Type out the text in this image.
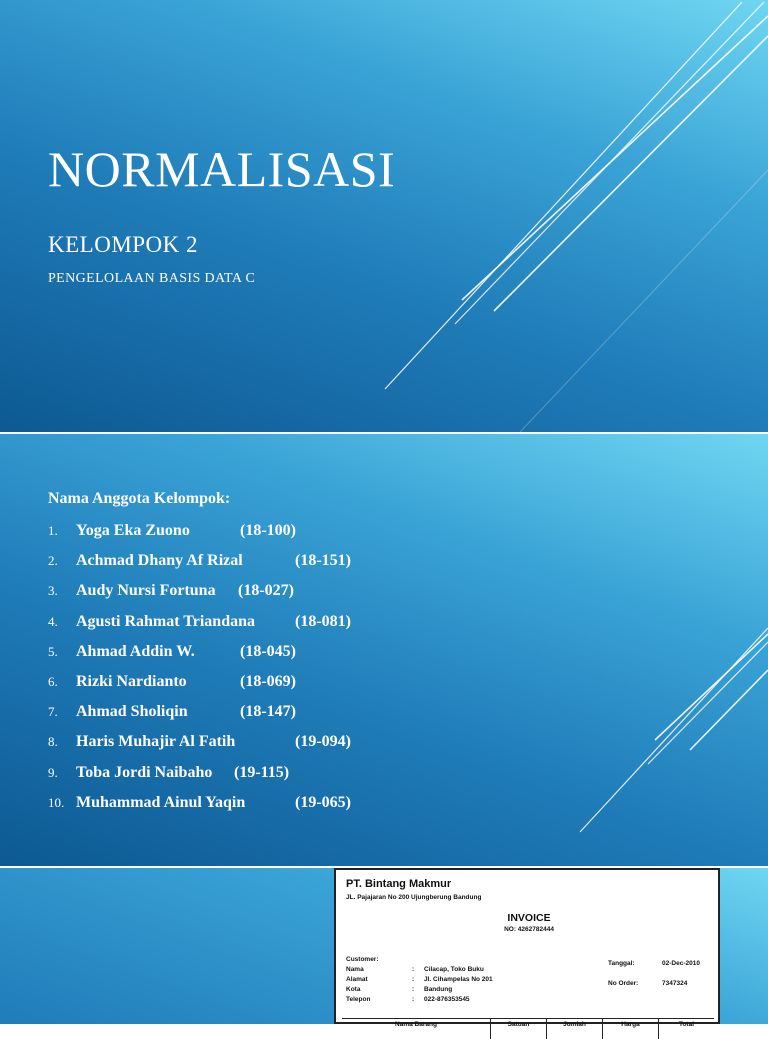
NORMALISASI

KELOMPOK 2

PENGELOLAAN BASIS DATA C

Nama Anggota Kelompok:

1.	Yoga Eka Zuono	(18-100)
2.	Achmad Dhany Af Rizal	(18-151)
3.	Audy Nursi Fortuna (18-027)
4.	Agusti Rahmat Triandana	(18-081)
5.	Ahmad Addin W.	(18-045)
6.	Rizki Nardianto	(18-069)
7.	Ahmad Sholiqin	(18-147)
8.	Haris Muhajir Al Fatih	(19-094)
9.	Toba Jordi Naibaho (19-115)
10. Muhammad Ainul Yaqin	(19-065)
PT. Bintang Makmur
JL. Pajajaran No 200 Ujungberung Bandung
INVOICE
NO: 4262782444
Customer:
Nama	: Cilacap, Toko Buku
Alamat	: Jl. Cihampelas No 201
Kota	: Bandung
Telepon	: 022-876353545
Tanggal:	02-Dec-2010
No Order:	7347324
Nama Barang	Satuan	Jumlah	Harga	Total
